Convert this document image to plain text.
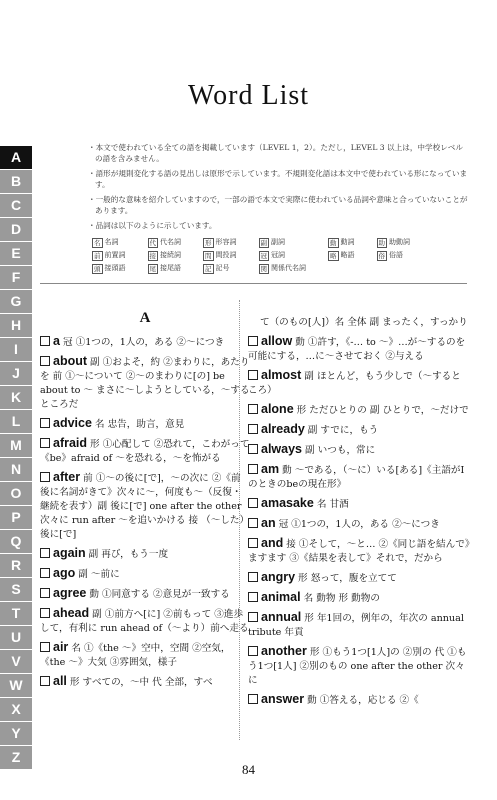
Word List
・本文で使われている全ての語を掲載しています（LEVEL 1，2）。ただし，LEVEL 3 以上は，中学校レベルの語を含みません。
・語形が規則変化する語の見出しは原形で示しています。不規則変化語は本文中で使われている形になっています。
・一般的な意味を紹介していますので，一部の語で本文で実際に使われている品詞や意味と合っていないことがあります。
・品詞は以下のように示しています。
名 名詞	代 代名詞	形 形容詞	副 副詞	動 動詞	助 助動詞
前 前置詞	接 接続詞	間 間投詞	冠 冠詞	略 略語	俗 俗語
頭 接頭語	尾 接尾語	記 記号	関 関係代名詞
A
B
C
D
E
F
G
H
I
J
K
L
M
N
O
P
Q
R
S
T
U
V
W
X
Y
Z
A
a 冠 ①1つの，1人の，ある ②〜につき
about 副 ①およそ，約 ②まわりに，あたりを 前 ①〜について ②〜のまわりに[の] be about to 〜 まさに〜しようとしている，〜するところだ
advice 名 忠告，助言，意見
afraid 形 ①心配して ②恐れて，こわがって《be》afraid of 〜を恐れる，〜を怖がる
after 前 ①〜の後に[で]，〜の次に ②《前後に名詞がきて》次々に〜，何度も〜（反復・継続を表す）副 後に[で] one after the other 次々に run after 〜を追いかける 接 （〜した）後に[で]
again 副 再び，もう一度
ago 副 〜前に
agree 動 ①同意する ②意見が一致する
ahead 副 ①前方へ[に] ②前もって ③進歩して，有利に run ahead of（〜より）前へ走る
air 名 ①《the 〜》空中，空間 ②空気，《the 〜》大気 ③雰囲気，様子
all 形 すべての，〜中 代 全部，すべ
て（のもの[人]）名 全体 副 まったく，すっかり
allow 動 ①許す，《-… to 〜》…が〜するのを可能にする，…に〜させておく ②与える
almost 副 ほとんど，もう少しで（〜するところ）
alone 形 ただひとりの 副 ひとりで，〜だけで
already 副 すでに，もう
always 副 いつも，常に
am 動 〜である，（〜に）いる[ある]《主語がIのときのbeの現在形》
amasake 名 甘酒
an 冠 ①1つの，1人の，ある ②〜につき
and 接 ①そして，〜と… ②《同じ語を結んで》ますます ③《結果を表して》それで，だから
angry 形 怒って，腹を立てて
animal 名 動物 形 動物の
annual 形 年1回の，例年の，年次の annual tribute 年貢
another 形 ①もう1つ[1人]の ②別の 代 ①もう1つ[1人] ②別のもの one after the other 次々に
answer 動 ①答える，応じる ②《
84
